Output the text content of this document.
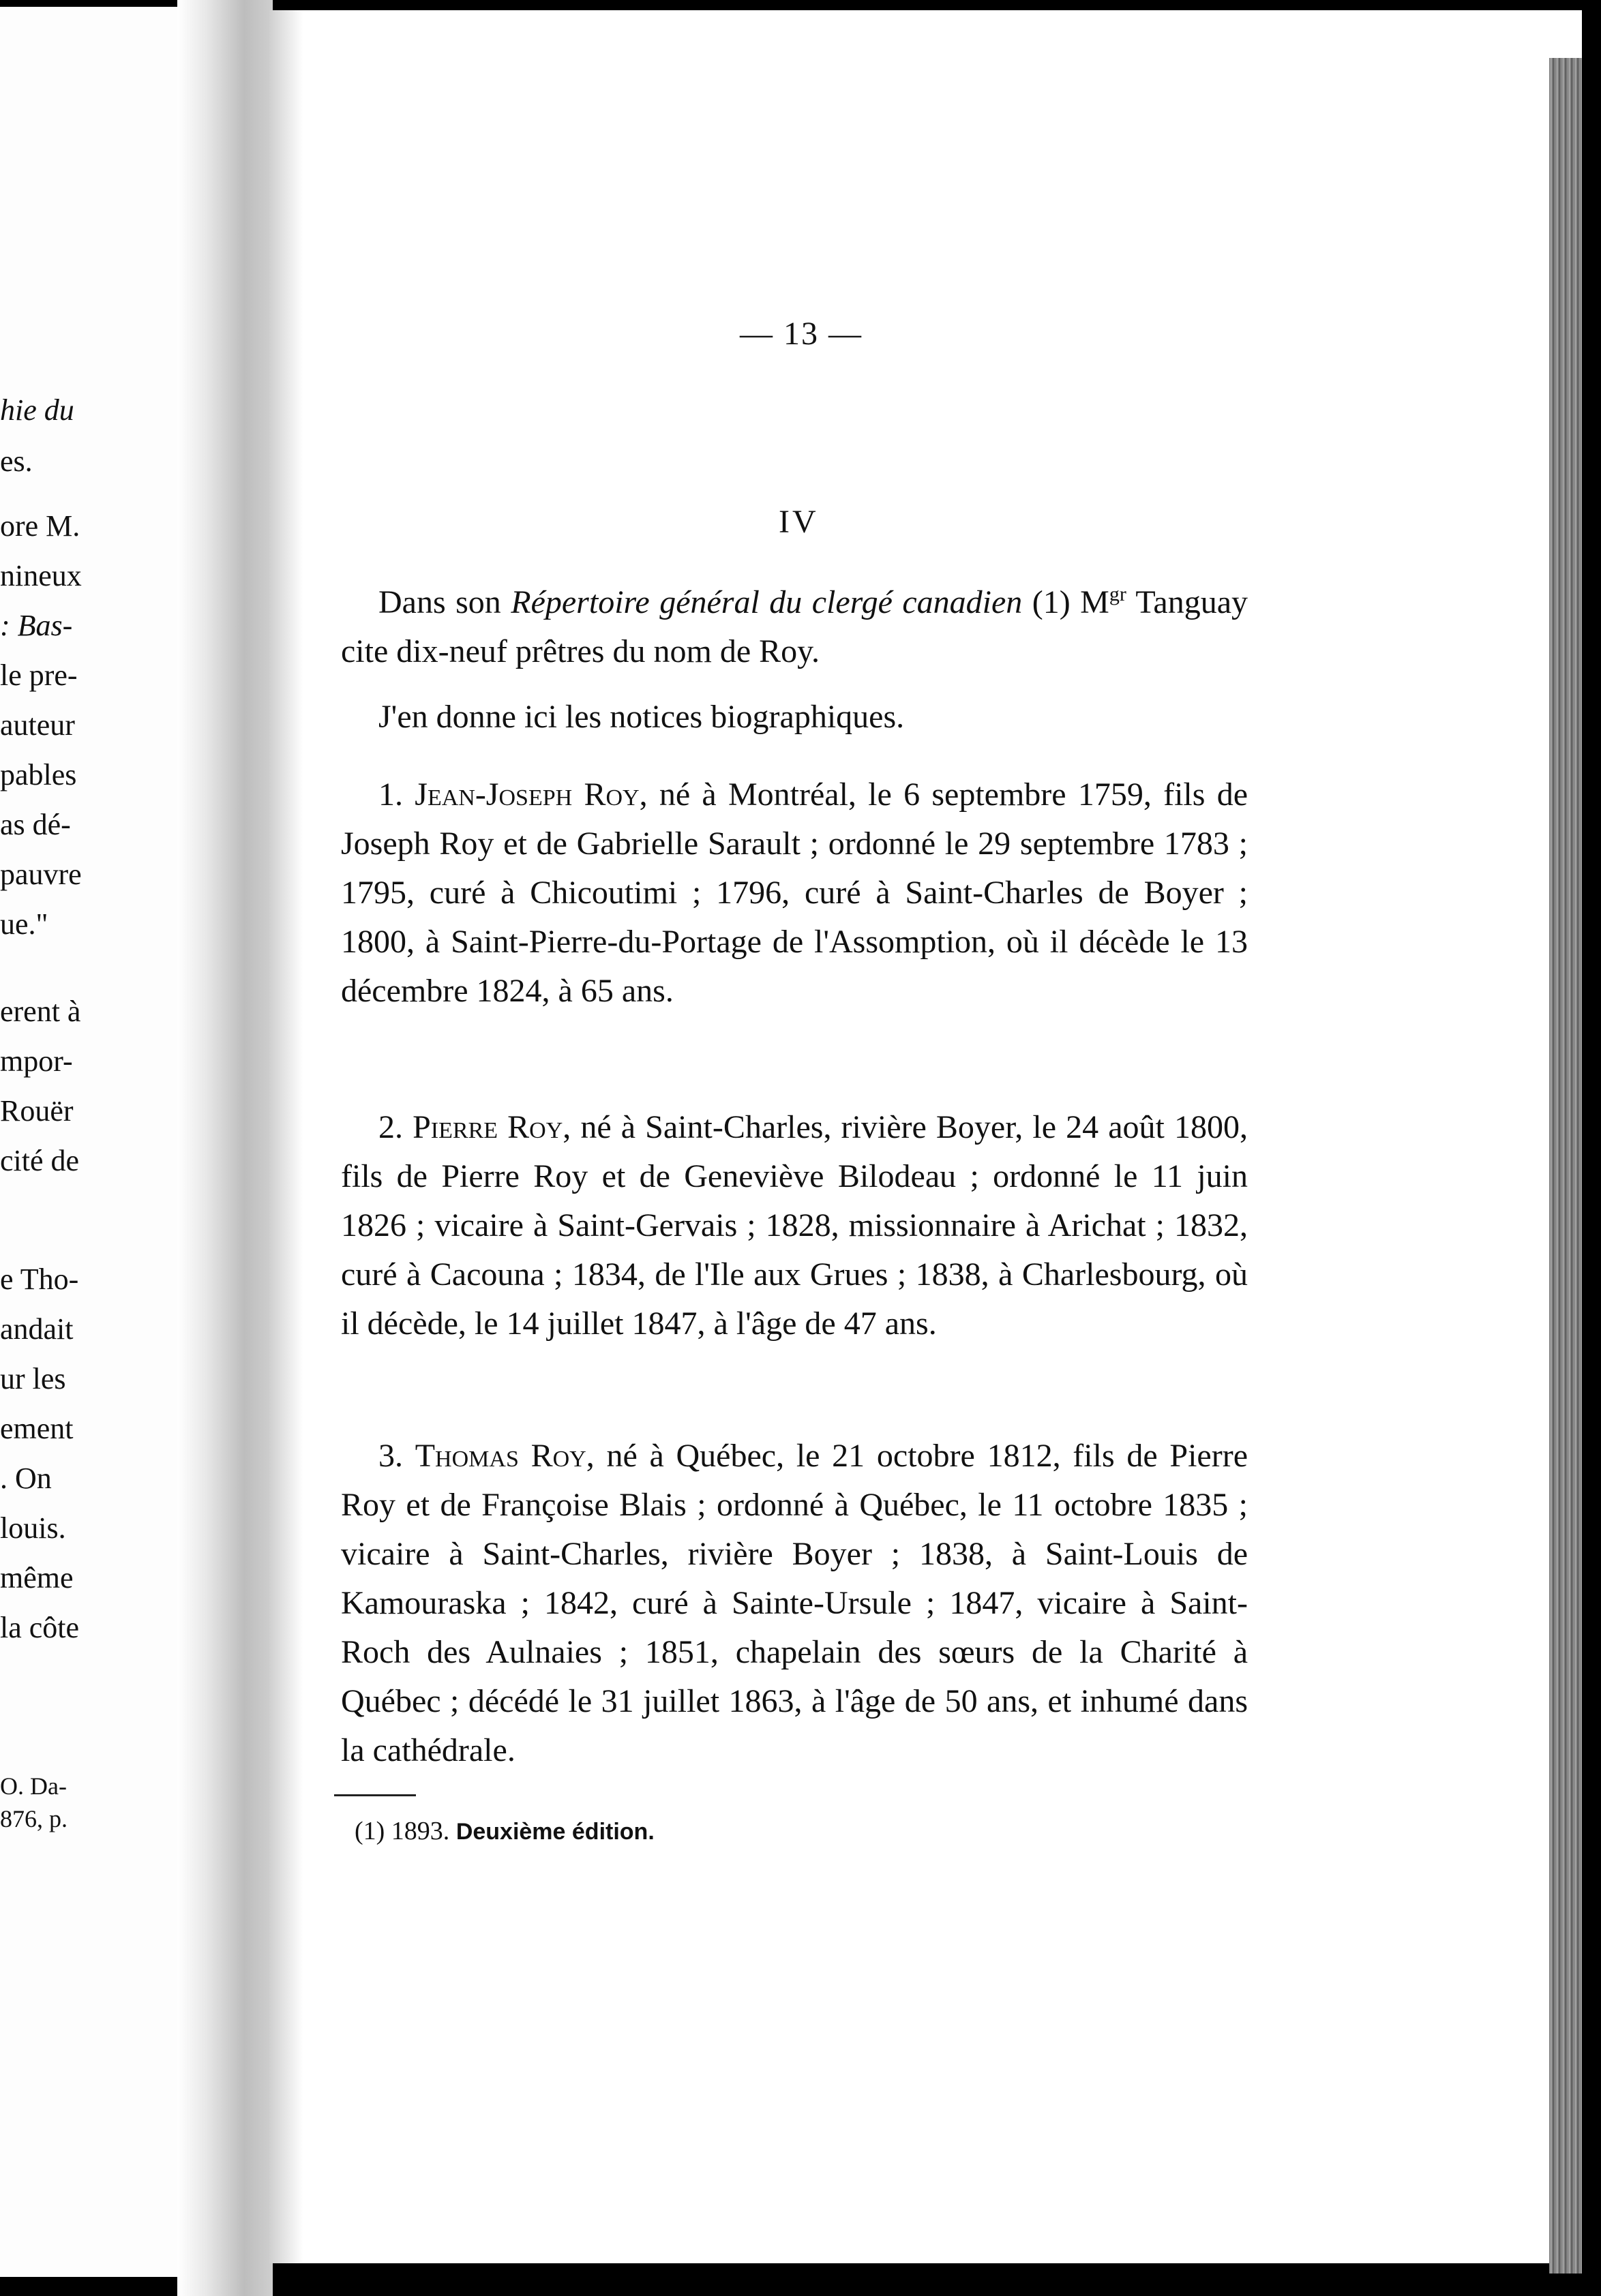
hie du
es.
ore M.
nineux
: Bas-
le pre-
auteur
pables
as dé-
pauvre
ue."
erent à
mpor-
Rouër
cité de
e Tho-
andait
ur les
ement
. On
louis.
même
la côte
O. Da-
876, p.
— 13 —
IV

Dans son Répertoire général du clergé canadien (1) $M^{gr}$ Tanguay cite dix-neuf prêtres du nom de Roy.

J'en donne ici les notices biographiques.

1. Jean-Joseph Roy, né à Montréal, le 6 septembre 1759, fils de Joseph Roy et de Gabrielle Sarault ; ordonné le 29 septembre 1783 ; 1795, curé à Chicoutimi ; 1796, curé à Saint-Charles de Boyer ; 1800, à Saint-Pierre-du-Portage de l'Assomption, où il décède le 13 décembre 1824, à 65 ans.

2. Pierre Roy, né à Saint-Charles, rivière Boyer, le 24 août 1800, fils de Pierre Roy et de Geneviève Bilodeau ; ordonné le 11 juin 1826 ; vicaire à Saint-Gervais ; 1828, missionnaire à Arichat ; 1832, curé à Cacouna ; 1834, de l'Ile aux Grues ; 1838, à Charlesbourg, où il décède, le 14 juillet 1847, à l'âge de 47 ans.

3. Thomas Roy, né à Québec, le 21 octobre 1812, fils de Pierre Roy et de Françoise Blais ; ordonné à Québec, le 11 octobre 1835 ; vicaire à Saint-Charles, rivière Boyer ; 1838, à Saint-Louis de Kamouraska ; 1842, curé à Sainte-Ursule ; 1847, vicaire à Saint-Roch des Aulnaies ; 1851, chapelain des sœurs de la Charité à Québec ; décédé le 31 juillet 1863, à l'âge de 50 ans, et inhumé dans la cathédrale.

(1) 1893. Deuxième édition.
